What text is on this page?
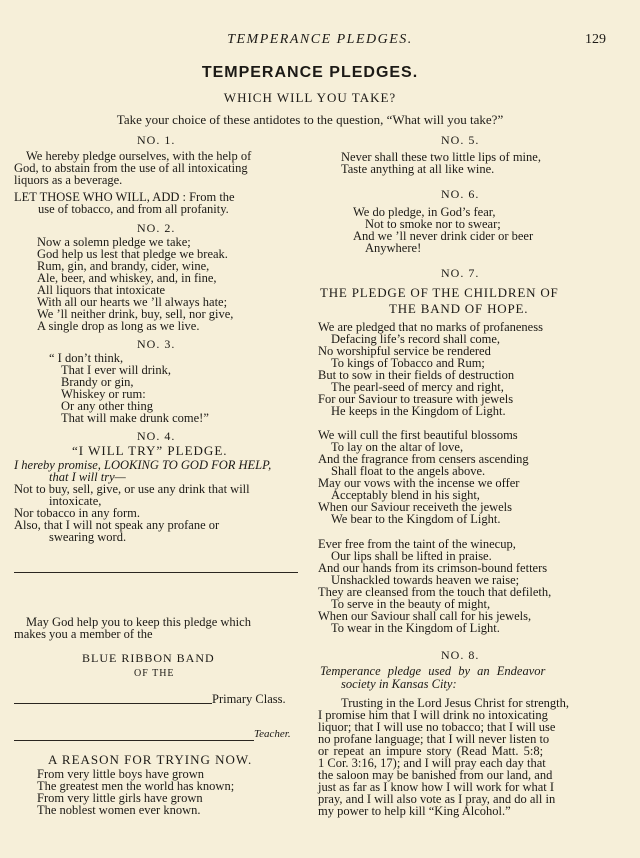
TEMPERANCE PLEDGES.	129
TEMPERANCE PLEDGES.
WHICH WILL YOU TAKE?
Take your choice of these antidotes to the question, “What will you take?”
NO. 1.
We hereby pledge ourselves, with the help of
God, to abstain from the use of all intoxicating
liquors as a beverage.
LET THOSE WHO WILL, ADD : From the
use of tobacco, and from all profanity.
NO. 2.
Now a solemn pledge we take;
God help us lest that pledge we break.
Rum, gin, and brandy, cider, wine,
Ale, beer, and whiskey, and, in fine,
All liquors that intoxicate
With all our hearts we ’ll always hate;
We ’ll neither drink, buy, sell, nor give,
A single drop as long as we live.
NO. 3.
“ I don’t think,
That I ever will drink,
Brandy or gin,
Whiskey or rum:
Or any other thing
That will make drunk come!”
NO. 4.
“I WILL TRY” PLEDGE.
I hereby promise, LOOKING TO GOD FOR HELP,
that I will try—
Not to buy, sell, give, or use any drink that will
intoxicate,
Nor tobacco in any form.
Also, that I will not speak any profane or
swearing word.
May God help you to keep this pledge which
makes you a member of the
BLUE RIBBON BAND
OF THE
Primary Class.
Teacher.
A REASON FOR TRYING NOW.
From very little boys have grown
The greatest men the world has known;
From very little girls have grown
The noblest women ever known.
NO. 5.
Never shall these two little lips of mine,
Taste anything at all like wine.
NO. 6.
We do pledge, in God’s fear,
Not to smoke nor to swear;
And we ’ll never drink cider or beer
Anywhere!
NO. 7.
THE PLEDGE OF THE CHILDREN OF
THE BAND OF HOPE.
We are pledged that no marks of profaneness
Defacing life’s record shall come,
No worshipful service be rendered
To kings of Tobacco and Rum;
But to sow in their fields of destruction
The pearl-seed of mercy and right,
For our Saviour to treasure with jewels
He keeps in the Kingdom of Light.
We will cull the first beautiful blossoms
To lay on the altar of love,
And the fragrance from censers ascending
Shall float to the angels above.
May our vows with the incense we offer
Acceptably blend in his sight,
When our Saviour receiveth the jewels
We bear to the Kingdom of Light.
Ever free from the taint of the winecup,
Our lips shall be lifted in praise.
And our hands from its crimson-bound fetters
Unshackled towards heaven we raise;
They are cleansed from the touch that defileth,
To serve in the beauty of might,
When our Saviour shall call for his jewels,
To wear in the Kingdom of Light.
NO. 8.
Temperance pledge used by an Endeavor
society in Kansas City:
Trusting in the Lord Jesus Christ for strength,
I promise him that I will drink no intoxicating
liquor; that I will use no tobacco; that I will use
no profane language; that I will never listen to
or repeat an impure story (Read Matt. 5:8;
1 Cor. 3:16, 17); and I will pray each day that
the saloon may be banished from our land, and
just as far as I know how I will work for what I
pray, and I will also vote as I pray, and do all in
my power to help kill “King Alcohol.”
